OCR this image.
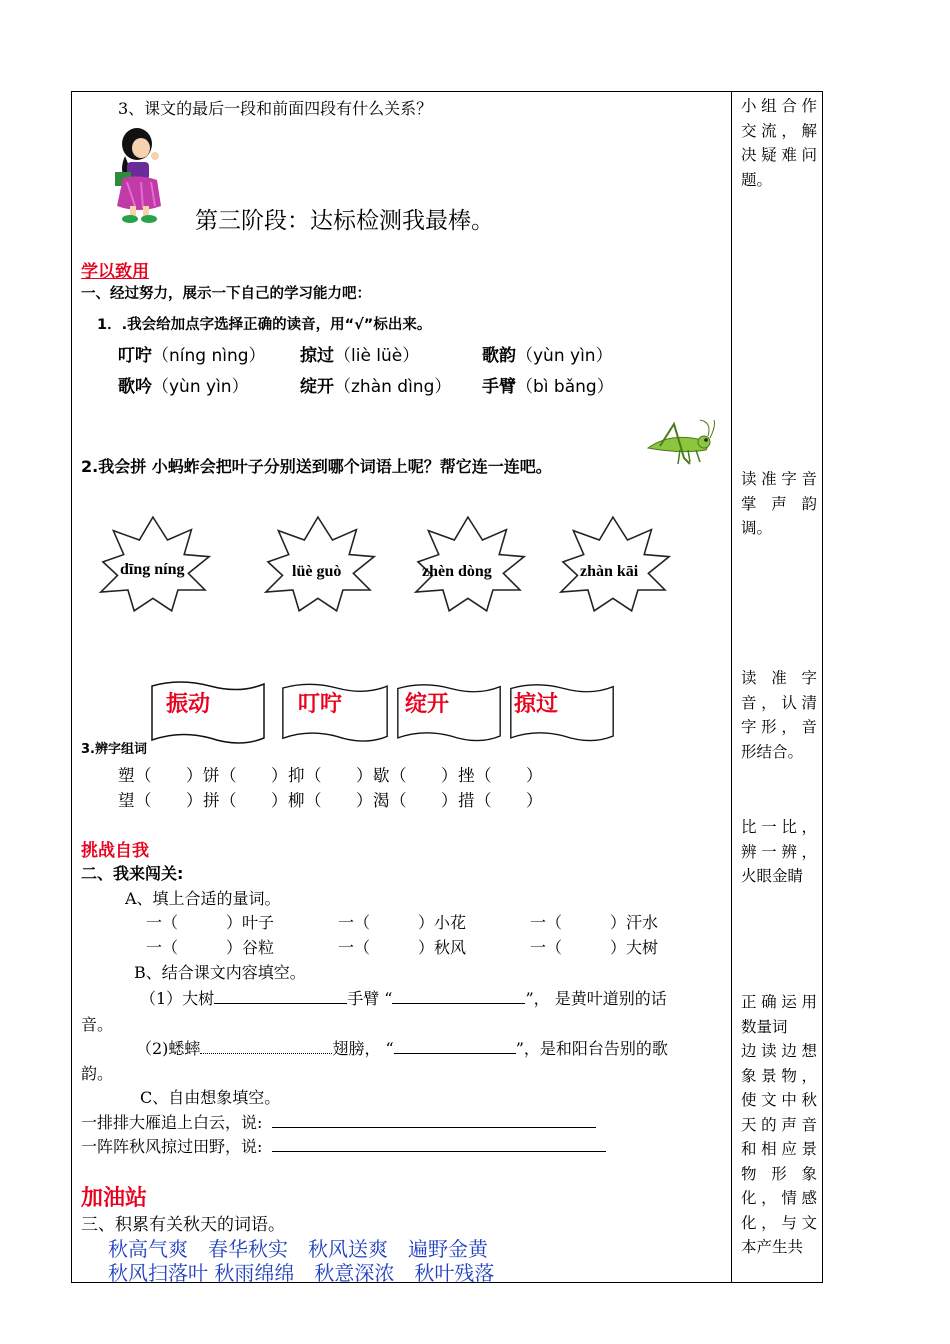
小组合作
交流，解
决疑难问
题。
读准字音
掌 声 韵
调。
读 准 字
音，认清
字形，音
形结合。
比一比，
辨一辨，
火眼金睛
正确运用
数量词
边读边想
象景物，
使文中秋
天的声音
和相应景
物 形 象
化，情感
化，与文
本产生共
3、课文的最后一段和前面四段有什么关系？
第三阶段：达标检测我最棒。
学以致用
一、经过努力，展示一下自己的学习能力吧：
1．.我会给加点字选择正确的读音，用“√”标出来。
叮咛（níng nìng） 掠过（liè lüè）	歌韵（yùn yìn）
歌吟（yùn yìn）	绽开（zhàn dìng） 手臂（bì bǎng）
2.我会拼 小蚂蚱会把叶子分别送到哪个词语上呢？帮它连一连吧。
dīng níng	lüè guò	zhèn dòng	zhàn kāi
振动	叮咛	绽开	掠过
3.辨字组词
塑（　　）饼（　　）抑（　　）歇（　　）挫（　　）
望（　　）拼（　　）柳（　　）渴（　　）措（　　）
挑战自我
二、我来闯关:
A、填上合适的量词。
一（　　　）叶子	一（　　　）小花	一（　　　）汗水
一（　　　）谷粒	一（　　　）秋风	一（　　　）大树
B、结合课文内容填空。
（1）大树	手臂 “	”， 是黄叶道别的话
音。
（2)蟋蟀	翅膀， “	”，是和阳台告别的歌
韵。
C、自由想象填空。
一排排大雁追上白云，说:
一阵阵秋风掠过田野，说:
加油站
三、积累有关秋天的词语。
秋高气爽　 春华秋实　 秋风送爽　 遍野金黄
秋风扫落叶 秋雨绵绵　 秋意深浓　 秋叶残落
